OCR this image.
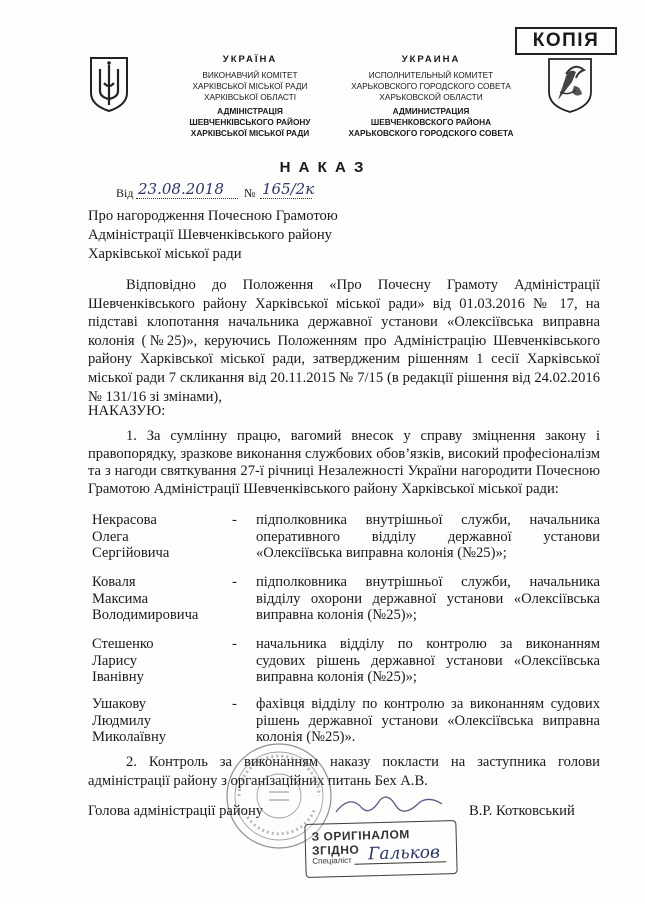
УКРАЇНА
ВИКОНАВЧИЙ КОМІТЕТ
ХАРКІВСЬКОЇ МІСЬКОЇ РАДИ
ХАРКІВСЬКОЇ ОБЛАСТІ
АДМІНІСТРАЦІЯ
ШЕВЧЕНКІВСЬКОГО РАЙОНУ
ХАРКІВСЬКОЇ МІСЬКОЇ РАДИ
УКРАИНА
ИСПОЛНИТЕЛЬНЫЙ КОМИТЕТ
ХАРЬКОВСКОГО ГОРОДСКОГО СОВЕТА
ХАРЬКОВСКОЙ ОБЛАСТИ
АДМИНИСТРАЦИЯ
ШЕВЧЕНКОВСКОГО РАЙОНА
ХАРЬКОВСКОГО ГОРОДСКОГО СОВЕТА
КОПІЯ
Н А К А З
Від 23.08.2018 № 165/2к
Про нагородження Почесною Грамотою
Адміністрації Шевченківського району
Харківської міської ради
Відповідно до Положення «Про Почесну Грамоту Адміністрації Шевченківського району Харківської міської ради» від 01.03.2016 № 17, на підставі клопотання начальника державної установи «Олексіївська виправна колонія (№25)», керуючись Положенням про Адміністрацію Шевченківського району Харківської міської ради, затвердженим рішенням 1 сесії Харківської міської ради 7 скликання від 20.11.2015 № 7/15 (в редакції рішення від 24.02.2016 № 131/16 зі змінами),
НАКАЗУЮ:
1. За сумлінну працю, вагомий внесок у справу зміцнення закону і правопорядку, зразкове виконання службових обов’язків, високий професіоналізм та з нагоди святкування 27-ї річниці Незалежності України нагородити Почесною Грамотою Адміністрації Шевченківського району Харківської міської ради:
Некрасова
Олега
Сергійовича
- підполковника внутрішньої служби, начальника оперативного відділу державної установи «Олексіївська виправна колонія (№25)»;
Коваля
Максима
Володимировича
- підполковника внутрішньої служби, начальника відділу охорони державної установи «Олексіївська виправна колонія (№25)»;
Стешенко
Ларису
Іванівну
- начальника відділу по контролю за виконанням судових рішень державної установи «Олексіївська виправна колонія (№25)»;
Ушакову
Людмилу
Миколаївну
- фахівця відділу по контролю за виконанням судових рішень державної установи «Олексіївська виправна колонія (№25)».
2. Контроль за виконанням наказу покласти на заступника голови адміністрації району з організаційних питань Бех А.В.
Голова адміністрації району	В.Р. Котковський
З ОРИГІНАЛОМ ЗГІДНО
Спеціаліст Гальков
